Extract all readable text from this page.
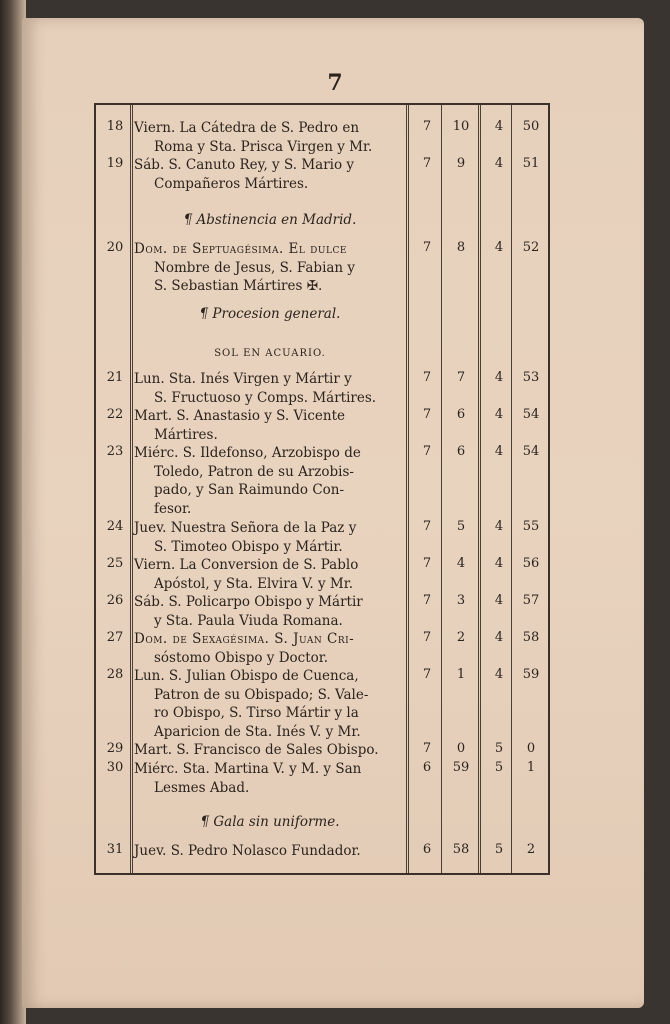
7
18 Viern. La Cátedra de S. Pedro en
Roma y Sta. Prisca Virgen y Mr.
7	10	4	50
19 Sáb. S. Canuto Rey, y S. Mario y
Compañeros Mártires.
7	9	4	51
¶ Abstinencia en Madrid.
20 Dom. de Septuagésima. El dulce
Nombre de Jesus, S. Fabian y
S. Sebastian Mártires ✠.
7	8	4	52
¶ Procesion general.
SOL EN ACUARIO.
21 Lun. Sta. Inés Virgen y Mártir y
S. Fructuoso y Comps. Mártires.
7	7	4	53
22 Mart. S. Anastasio y S. Vicente
Mártires.
7	6	4	54
23 Miérc. S. Ildefonso, Arzobispo de
Toledo, Patron de su Arzobis-
pado, y San Raimundo Con-
fesor.
7	6	4	54
24 Juev. Nuestra Señora de la Paz y
S. Timoteo Obispo y Mártir.
7	5	4	55
25 Viern. La Conversion de S. Pablo
Apóstol, y Sta. Elvira V. y Mr.
7	4	4	56
26 Sáb. S. Policarpo Obispo y Mártir
y Sta. Paula Viuda Romana.
7	3	4	57
27 Dom. de Sexagésima. S. Juan Cri-
sóstomo Obispo y Doctor.
7	2	4	58
28 Lun. S. Julian Obispo de Cuenca,
Patron de su Obispado; S. Vale-
ro Obispo, S. Tirso Mártir y la
Aparicion de Sta. Inés V. y Mr.
7	1	4	59
29 Mart. S. Francisco de Sales Obispo.	7	0	5	0
30 Miérc. Sta. Martina V. y M. y San
Lesmes Abad.
6	59	5	1
¶ Gala sin uniforme.
31 Juev. S. Pedro Nolasco Fundador.	6	58	5	2
